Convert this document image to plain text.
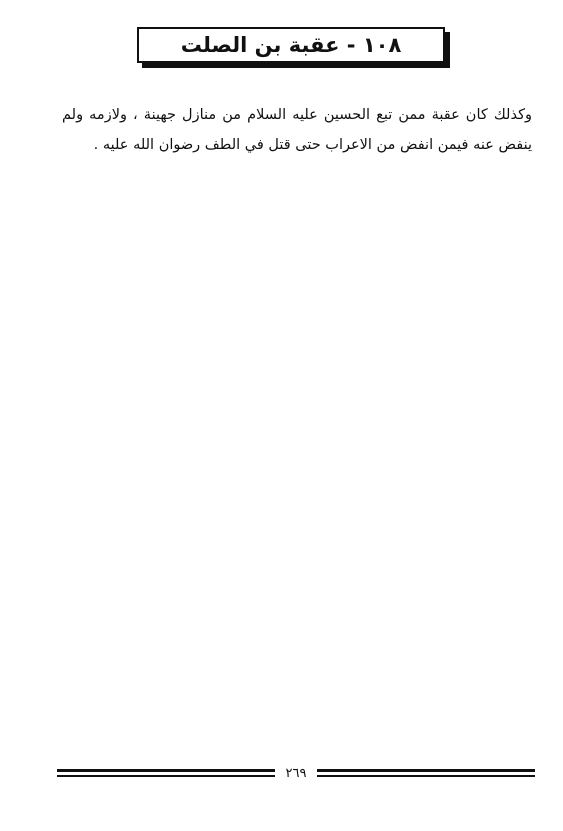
١٠٨ - عقبة بن الصلت

وكذلك كان عقبة ممن تبع الحسين عليه السلام من منازل جهينة ، ولازمه ولم ينفض عنه فيمن انفض من الاعراب حتى قتل في الطف رضوان الله عليه .

٢٦٩
